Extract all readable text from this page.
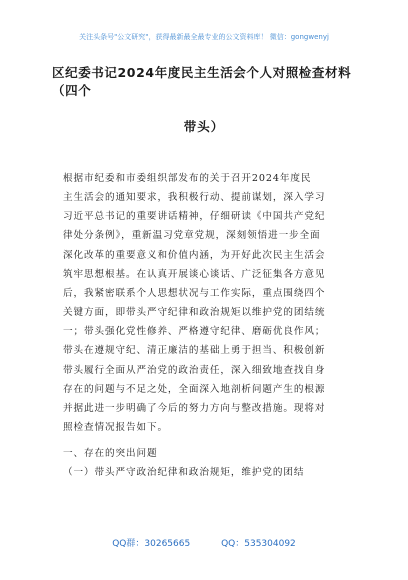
关注头条号"公文研究"，获得最新最全最专业的公文资料库！ 微信：gongwenyj
区纪委书记2024年度民主生活会个人对照检查材料（四个
带头）
根据市纪委和市委组织部发布的关于召开2024年度民
主生活会的通知要求，我积极行动、提前谋划，深入学习
习近平总书记的重要讲话精神，仔细研读《中国共产党纪
律处分条例》，重新温习党章党规，深刻领悟进一步全面
深化改革的重要意义和价值内涵，为开好此次民主生活会
筑牢思想根基。在认真开展谈心谈话、广泛征集各方意见
后，我紧密联系个人思想状况与工作实际，重点围绕四个
关键方面，即带头严守纪律和政治规矩以维护党的团结统
一；带头强化党性修养、严格遵守纪律、磨砺优良作风；
带头在遵规守纪、清正廉洁的基础上勇于担当、积极创新
带头履行全面从严治党的政治责任，深入细致地查找自身
存在的问题与不足之处，全面深入地剖析问题产生的根源
并据此进一步明确了今后的努力方向与整改措施。现将对
照检查情况报告如下。
一、存在的突出问题
（一）带头严守政治纪律和政治规矩，维护党的团结
QQ群：30265665	QQ：535304092
